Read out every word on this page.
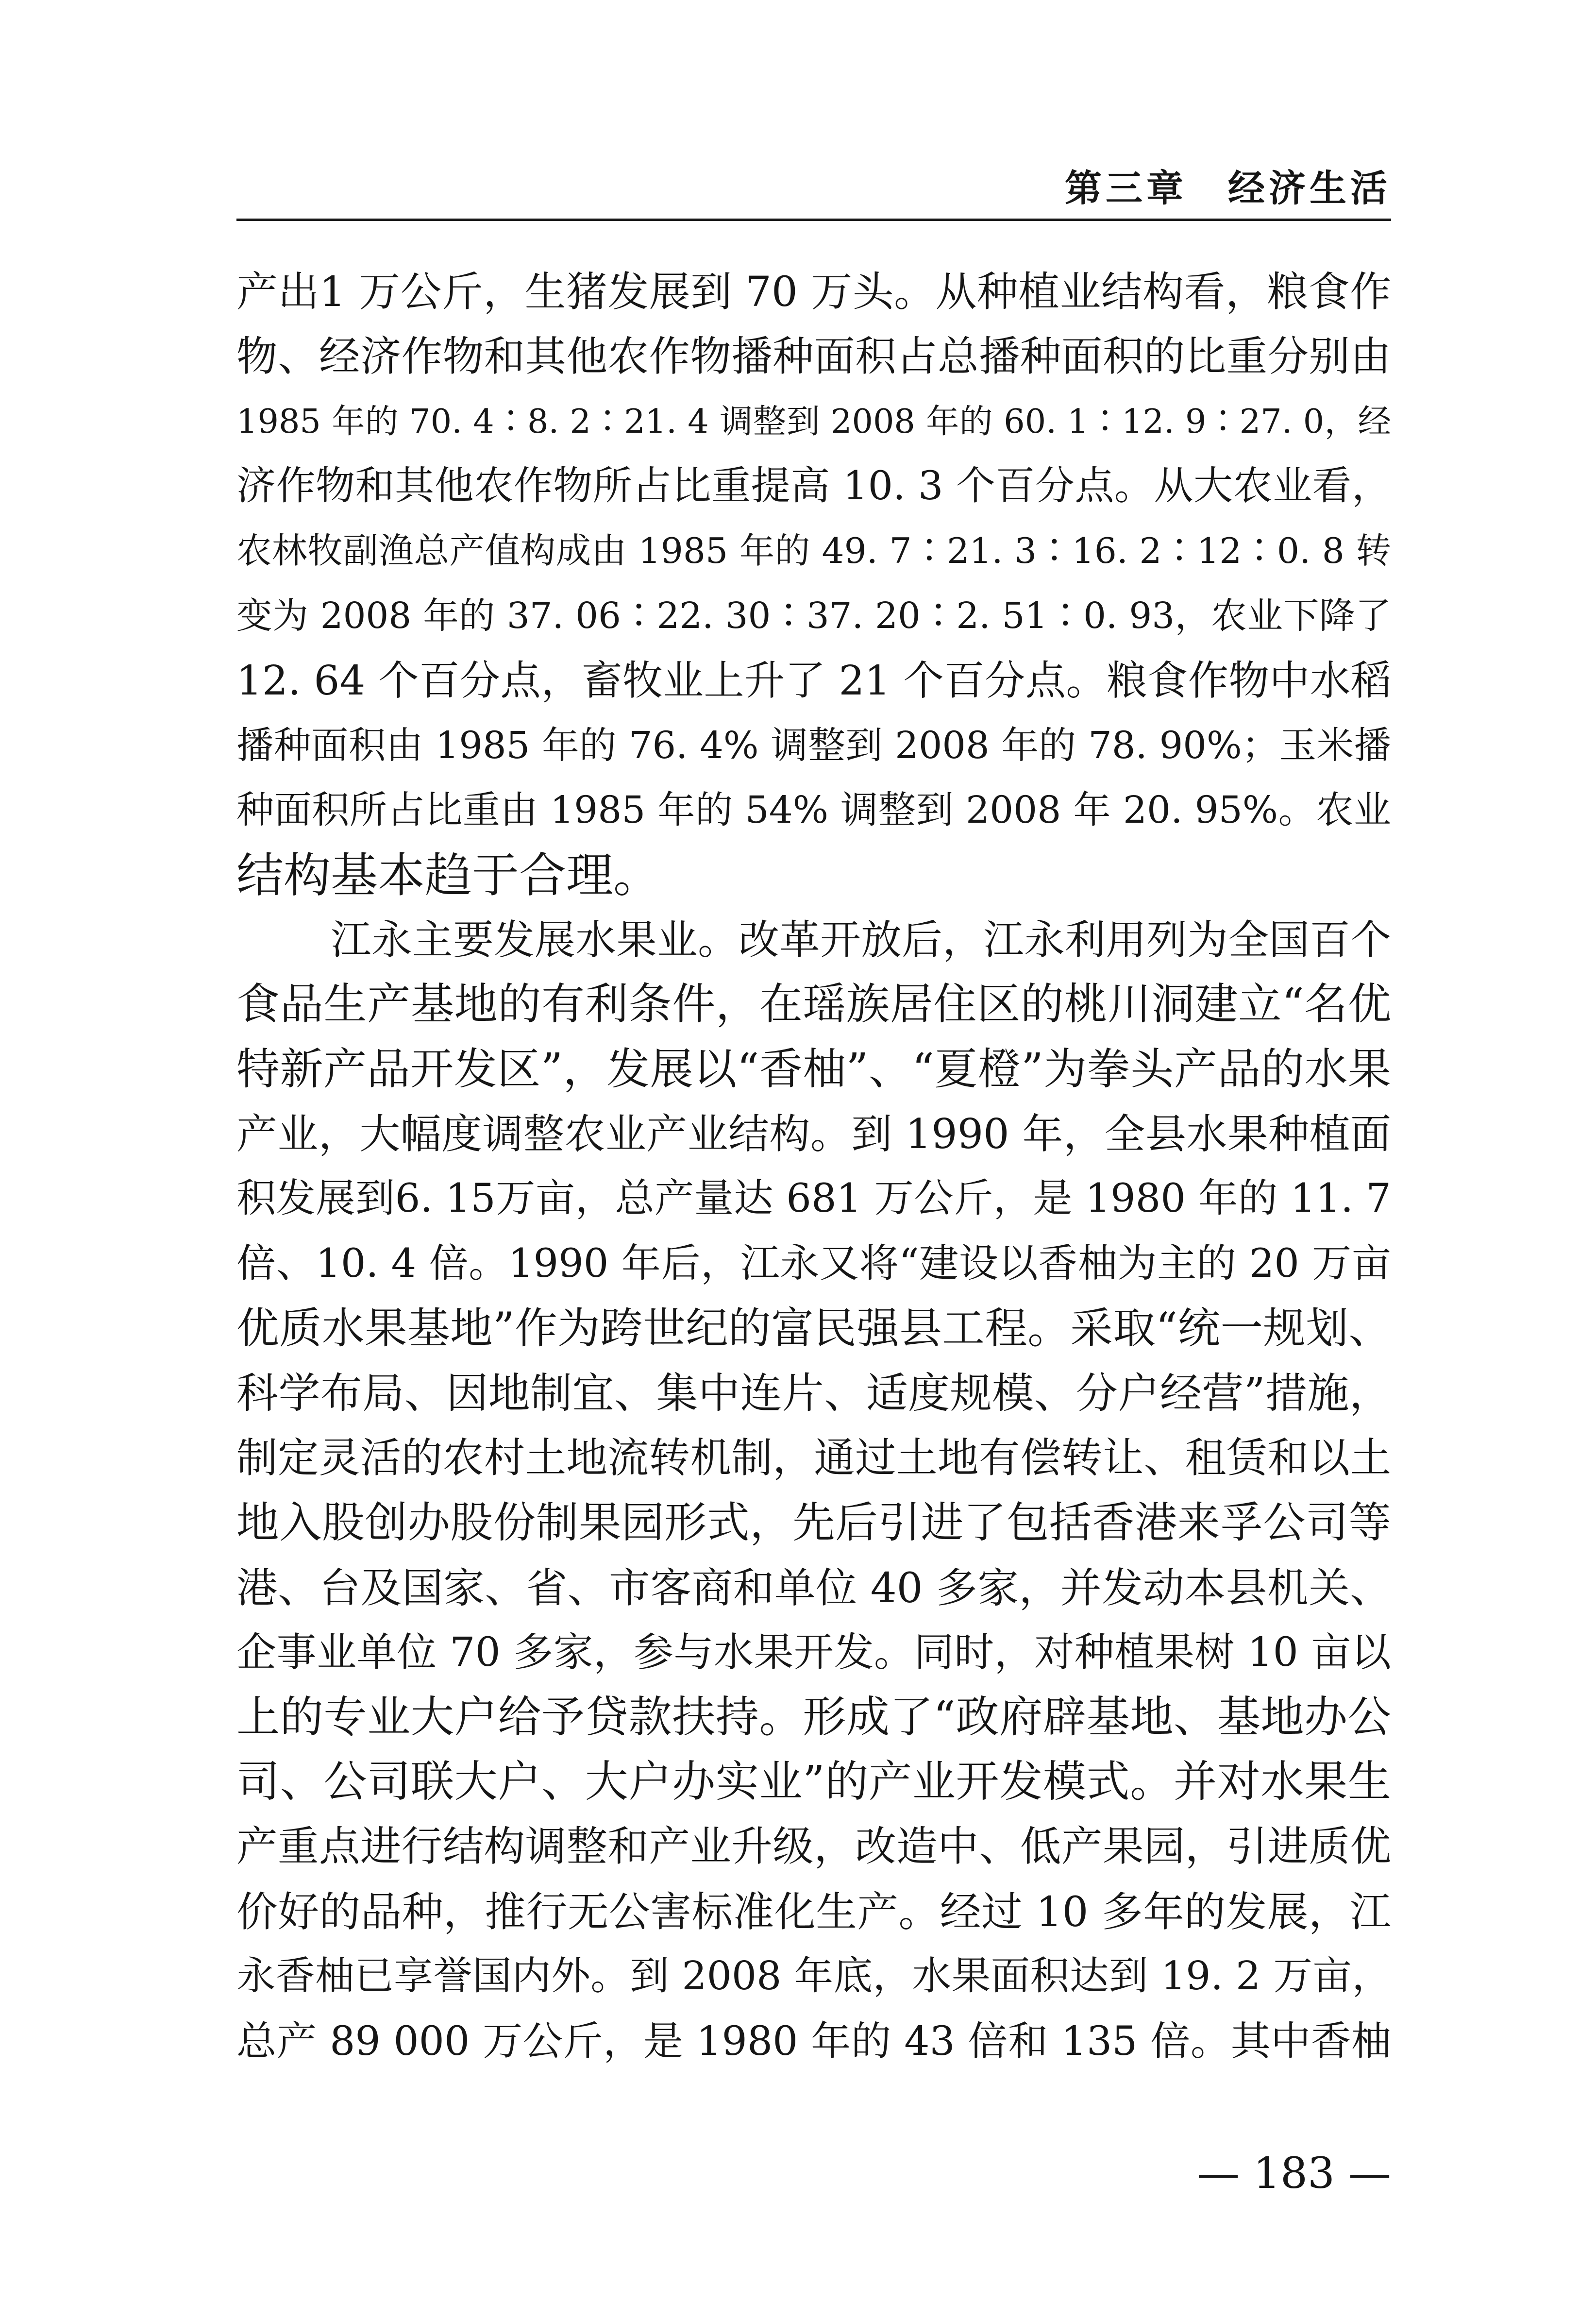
第三章　经济生活
产出1 万公斤，生猪发展到 70 万头。从种植业结构看，粮食作
物、经济作物和其他农作物播种面积占总播种面积的比重分别由
1985 年的 70. 4∶8. 2∶21. 4 调整到 2008 年的 60. 1∶12. 9∶27. 0，经
济作物和其他农作物所占比重提高 10. 3 个百分点。从大农业看，
农林牧副渔总产值构成由 1985 年的 49. 7∶21. 3∶16. 2∶12∶0. 8 转
变为 2008 年的 37. 06∶22. 30∶37. 20∶2. 51∶0. 93，农业下降了
12. 64 个百分点，畜牧业上升了 21 个百分点。粮食作物中水稻
播种面积由 1985 年的 76. 4% 调整到 2008 年的 78. 90%；玉米播
种面积所占比重由 1985 年的 54% 调整到 2008 年 20. 95%。农业
结构基本趋于合理。
江永主要发展水果业。改革开放后，江永利用列为全国百个
食品生产基地的有利条件，在瑶族居住区的桃川洞建立“名优
特新产品开发区”，发展以“香柚”、“夏橙”为拳头产品的水果
产业，大幅度调整农业产业结构。到 1990 年，全县水果种植面
积发展到6. 15万亩，总产量达 681 万公斤，是 1980 年的 11. 7
倍、10. 4 倍。1990 年后，江永又将“建设以香柚为主的 20 万亩
优质水果基地”作为跨世纪的富民强县工程。采取“统一规划、
科学布局、因地制宜、集中连片、适度规模、分户经营”措施，
制定灵活的农村土地流转机制，通过土地有偿转让、租赁和以土
地入股创办股份制果园形式，先后引进了包括香港来孚公司等
港、台及国家、省、市客商和单位 40 多家，并发动本县机关、
企事业单位 70 多家，参与水果开发。同时，对种植果树 10 亩以
上的专业大户给予贷款扶持。形成了“政府辟基地、基地办公
司、公司联大户、大户办实业”的产业开发模式。并对水果生
产重点进行结构调整和产业升级，改造中、低产果园，引进质优
价好的品种，推行无公害标准化生产。经过 10 多年的发展，江
永香柚已享誉国内外。到 2008 年底，水果面积达到 19. 2 万亩，
总产 89 000 万公斤，是 1980 年的 43 倍和 135 倍。其中香柚
— 183 —
